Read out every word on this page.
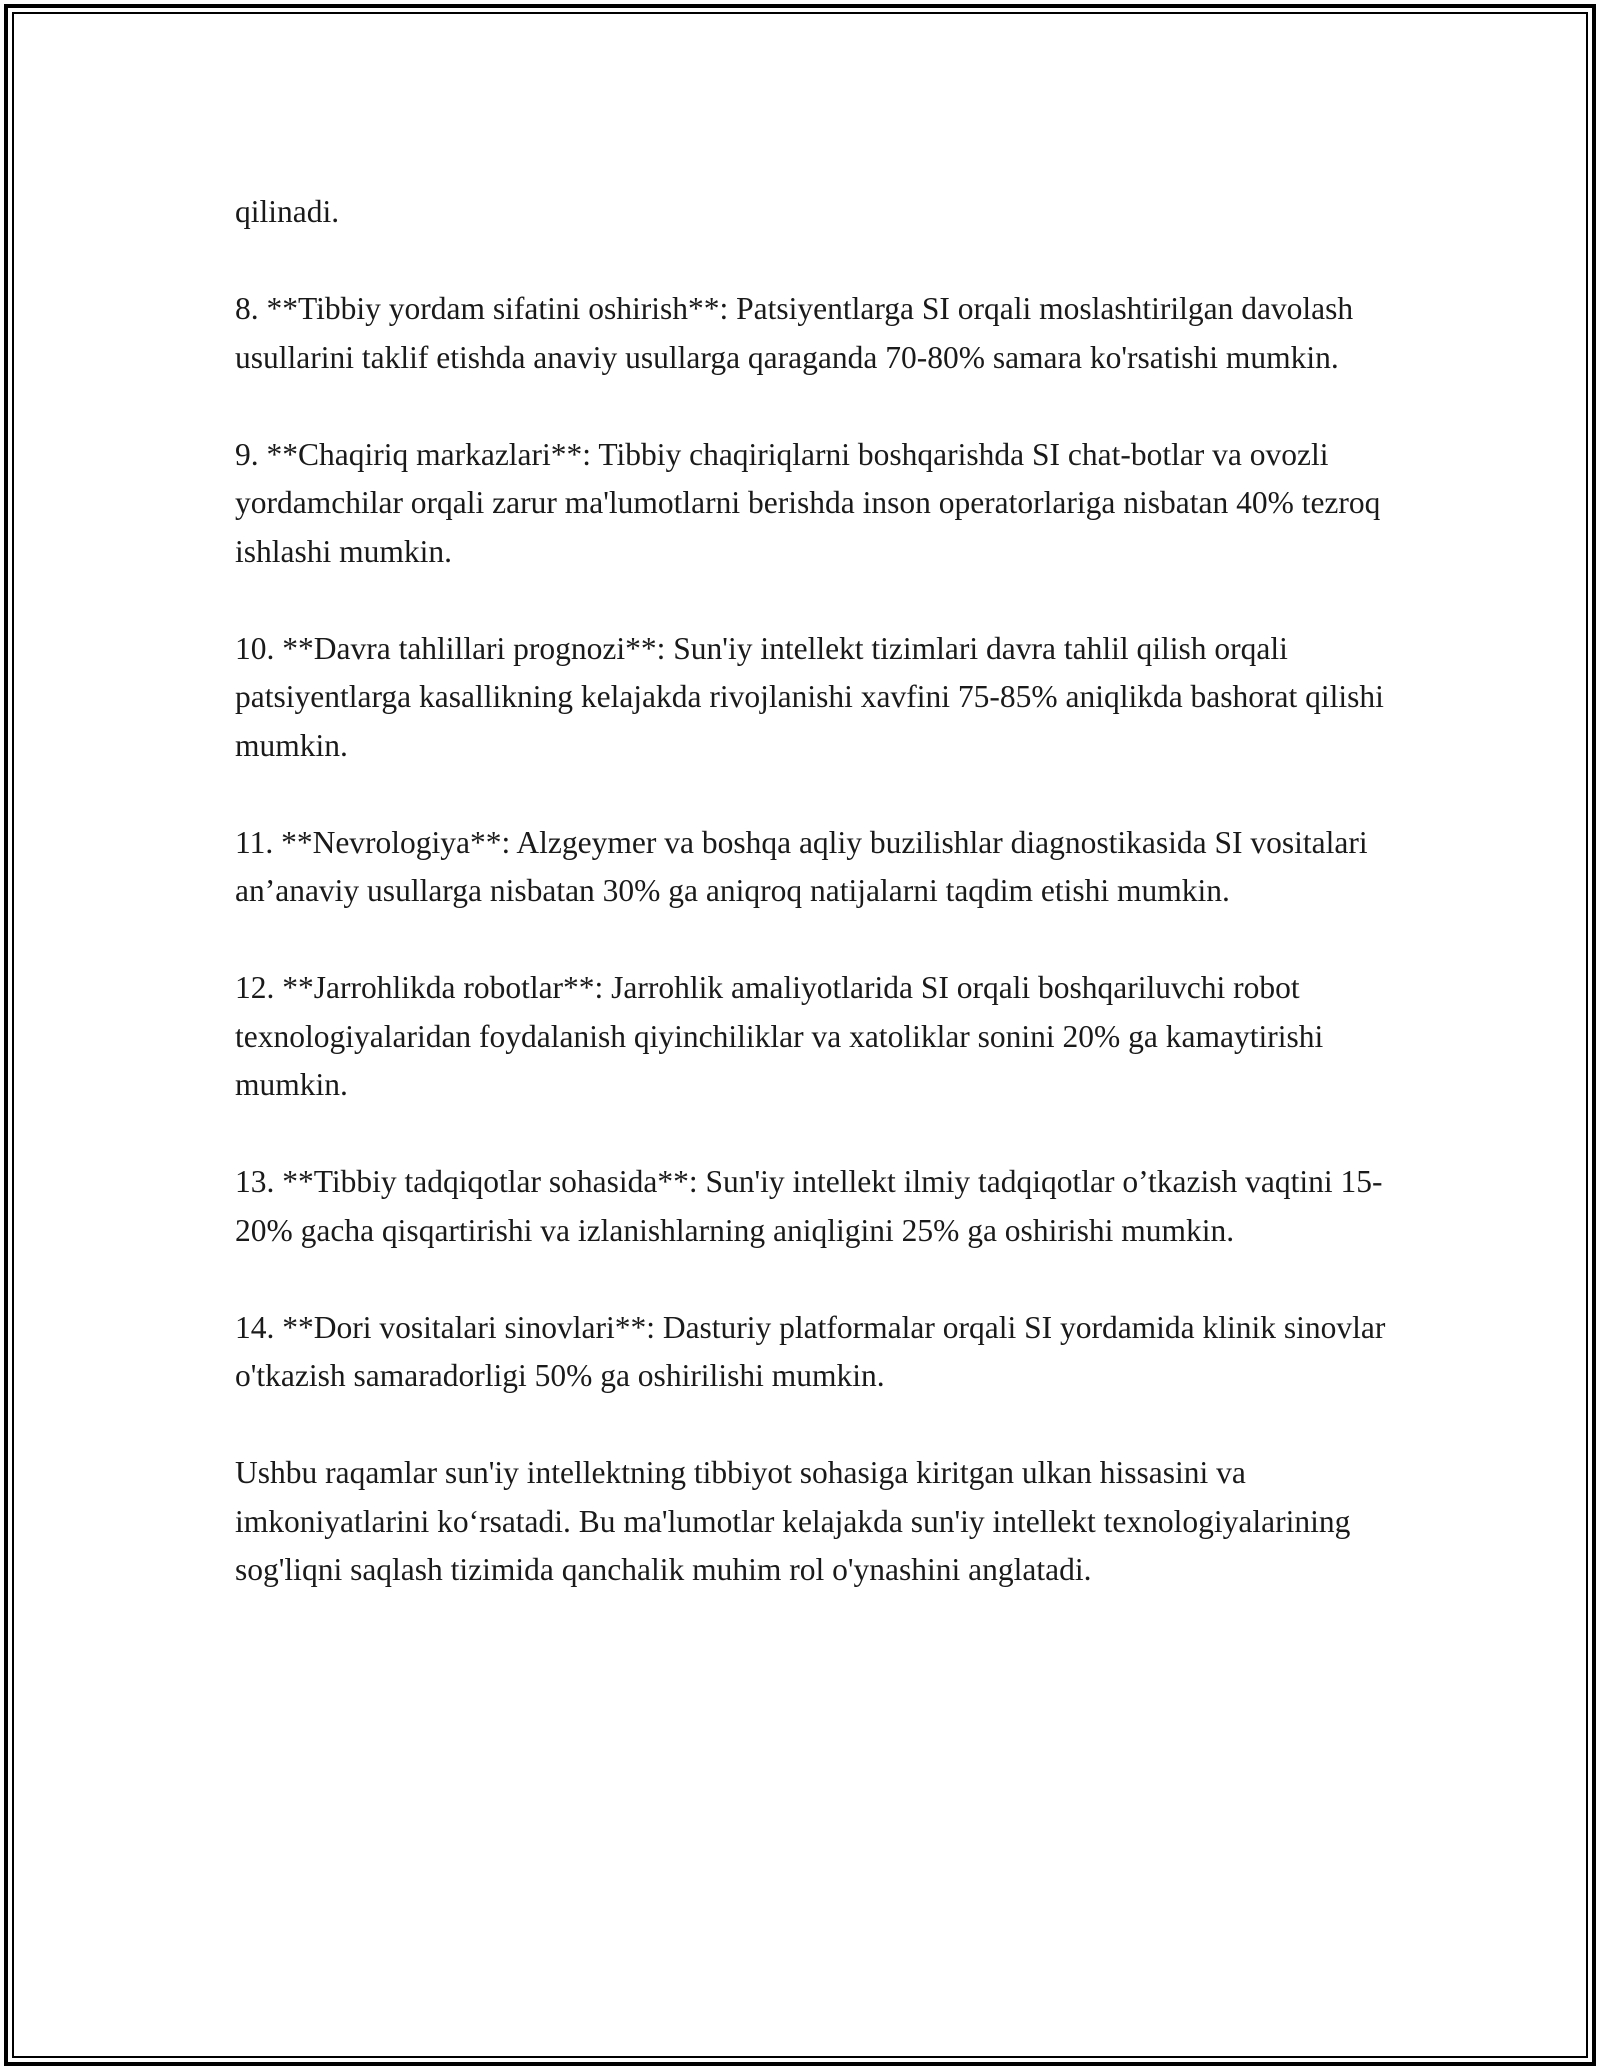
qilinadi.

8. **Tibbiy yordam sifatini oshirish**: Patsiyentlarga SI orqali moslashtirilgan davolash usullarini taklif etishda anaviy usullarga qaraganda 70-80% samara ko'rsatishi mumkin.

9. **Chaqiriq markazlari**: Tibbiy chaqiriqlarni boshqarishda SI chat-botlar va ovozli yordamchilar orqali zarur ma'lumotlarni berishda inson operatorlariga nisbatan 40% tezroq ishlashi mumkin.

10. **Davra tahlillari prognozi**: Sun'iy intellekt tizimlari davra tahlil qilish orqali patsiyentlarga kasallikning kelajakda rivojlanishi xavfini 75-85% aniqlikda bashorat qilishi mumkin.

11. **Nevrologiya**: Alzgeymer va boshqa aqliy buzilishlar diagnostikasida SI vositalari an’anaviy usullarga nisbatan 30% ga aniqroq natijalarni taqdim etishi mumkin.

12. **Jarrohlikda robotlar**: Jarrohlik amaliyotlarida SI orqali boshqariluvchi robot texnologiyalaridan foydalanish qiyinchiliklar va xatoliklar sonini 20% ga kamaytirishi mumkin.

13. **Tibbiy tadqiqotlar sohasida**: Sun'iy intellekt ilmiy tadqiqotlar o’tkazish vaqtini 15-20% gacha qisqartirishi va izlanishlarning aniqligini 25% ga oshirishi mumkin.

14. **Dori vositalari sinovlari**: Dasturiy platformalar orqali SI yordamida klinik sinovlar o'tkazish samaradorligi 50% ga oshirilishi mumkin.

Ushbu raqamlar sun'iy intellektning tibbiyot sohasiga kiritgan ulkan hissasini va imkoniyatlarini ko‘rsatadi. Bu ma'lumotlar kelajakda sun'iy intellekt texnologiyalarining sog'liqni saqlash tizimida qanchalik muhim rol o'ynashini anglatadi.
